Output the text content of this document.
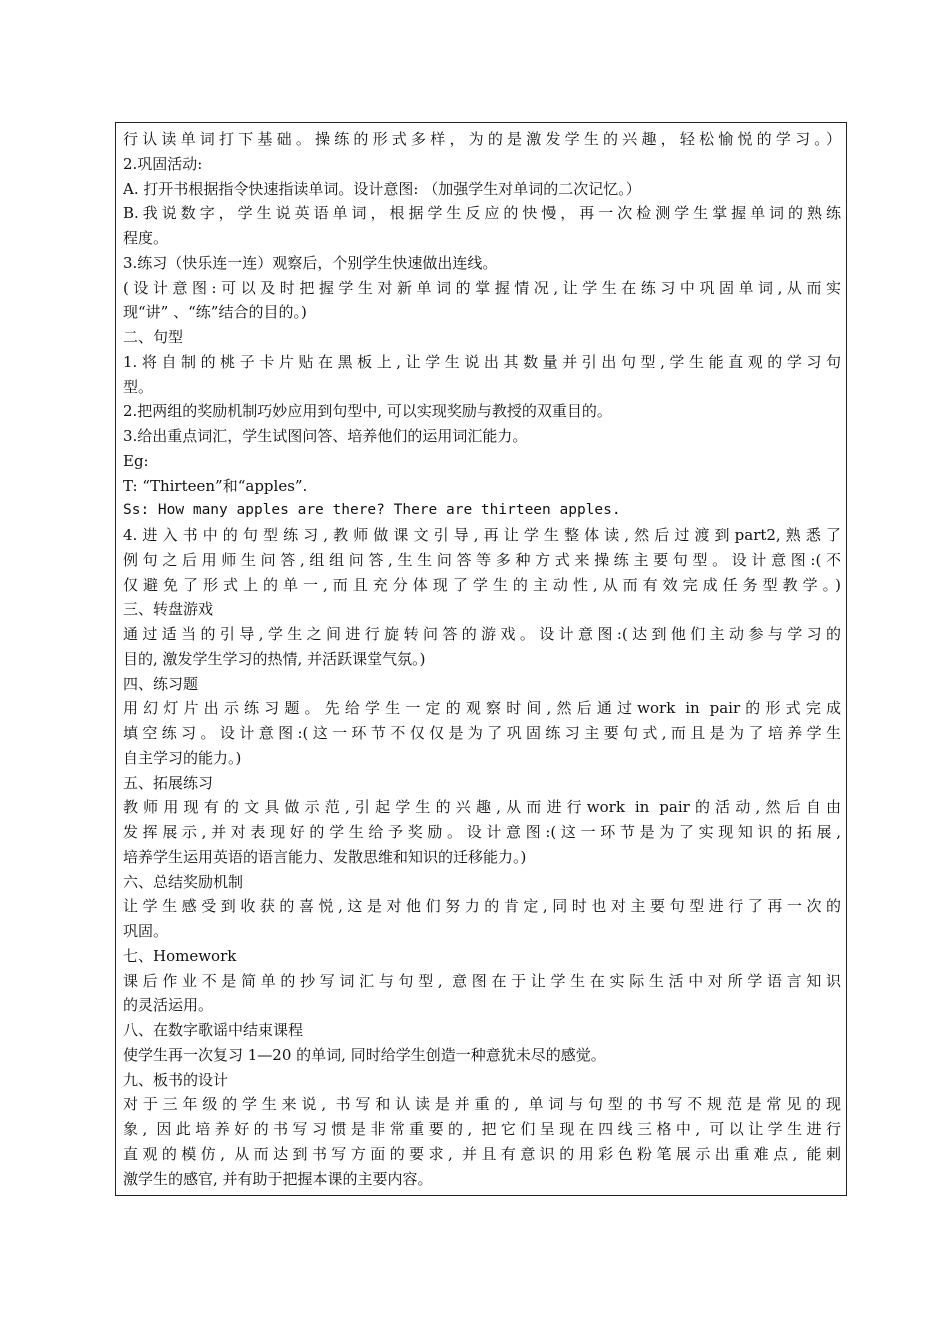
行认读单词打下基础。操练的形式多样，为的是激发学生的兴趣，轻松愉悦的学习。）
2.巩固活动:
A. 打开书根据指令快速指读单词。设计意图: （加强学生对单词的二次记忆。）
B.我说数字，学生说英语单词，根据学生反应的快慢，再一次检测学生掌握单词的熟练
程度。
3.练习（快乐连一连）观察后，个别学生快速做出连线。
(设计意图:可以及时把握学生对新单词的掌握情况,让学生在练习中巩固单词,从而实
现“讲” 、“练”结合的目的。)
二、句型
1.将自制的桃子卡片贴在黑板上,让学生说出其数量并引出句型,学生能直观的学习句
型。
2.把两组的奖励机制巧妙应用到句型中, 可以实现奖励与教授的双重目的。
3.给出重点词汇，学生试图问答、培养他们的运用词汇能力。
Eg:
T: “Thirteen”和“apples”.
Ss: How many apples are there? There are thirteen apples.
4.进入书中的句型练习,教师做课文引导,再让学生整体读,然后过渡到part2,熟悉了
例句之后用师生问答,组组问答,生生问答等多种方式来操练主要句型。设计意图:(不
仅避免了形式上的单一,而且充分体现了学生的主动性,从而有效完成任务型教学。)
三、转盘游戏
通过适当的引导,学生之间进行旋转问答的游戏。设计意图:(达到他们主动参与学习的
目的, 激发学生学习的热情, 并活跃课堂气氛。)
四、练习题
用幻灯片出示练习题。先给学生一定的观察时间,然后通过work in pair的形式完成
填空练习。设计意图:(这一环节不仅仅是为了巩固练习主要句式,而且是为了培养学生
自主学习的能力。)
五、拓展练习
教师用现有的文具做示范,引起学生的兴趣,从而进行work in pair的活动,然后自由
发挥展示,并对表现好的学生给予奖励。设计意图:(这一环节是为了实现知识的拓展,
培养学生运用英语的语言能力、发散思维和知识的迁移能力。)
六、总结奖励机制
让学生感受到收获的喜悦,这是对他们努力的肯定,同时也对主要句型进行了再一次的
巩固。
七、Homework
课后作业不是简单的抄写词汇与句型, 意图在于让学生在实际生活中对所学语言知识
的灵活运用。
八、在数字歌谣中结束课程
使学生再一次复习 1—20 的单词, 同时给学生创造一种意犹未尽的感觉。
九、板书的设计
对于三年级的学生来说, 书写和认读是并重的, 单词与句型的书写不规范是常见的现
象, 因此培养好的书写习惯是非常重要的, 把它们呈现在四线三格中, 可以让学生进行
直观的模仿, 从而达到书写方面的要求, 并且有意识的用彩色粉笔展示出重难点, 能刺
激学生的感官, 并有助于把握本课的主要内容。
